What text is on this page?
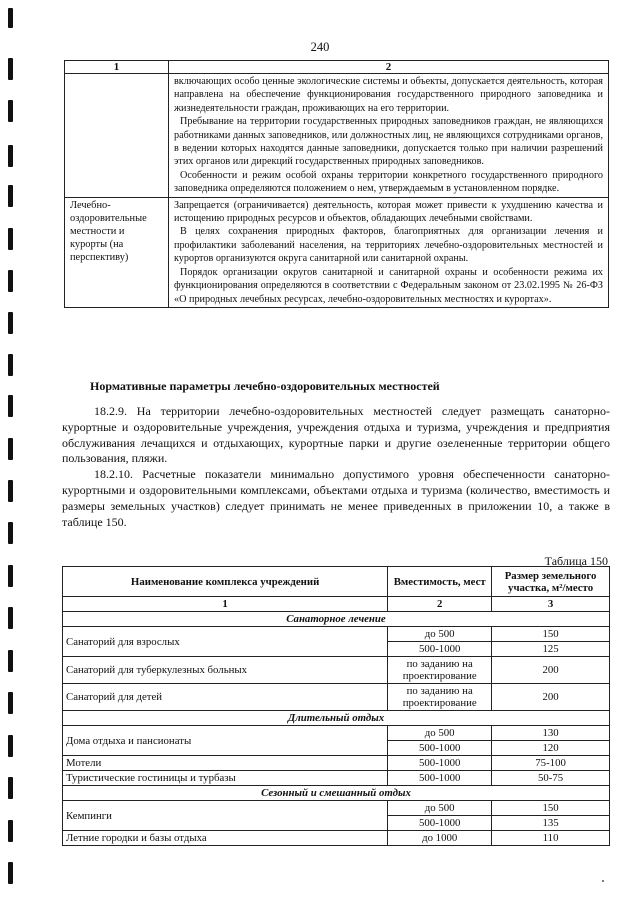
240
1	2

	включающих особо ценные экологические системы и объекты, допускается деятельность, которая направлена на обеспечение функционирования государственного природного заповедника и жизнедеятельности граждан, проживающих на его территории.

Пребывание на территории государственных природных заповедников граждан, не являющихся работниками данных заповедников, или должностных лиц, не являющихся сотрудниками органов, в ведении которых находятся данные заповедники, допускается только при наличии разрешений этих органов или дирекций государственных природных заповедников.

Особенности и режим особой охраны территории конкретного государственного природного заповедника определяются положением о нем, утверждаемым в установленном порядке.

Лечебно-оздоровительные местности и курорты (на перспективу)	Запрещается (ограничивается) деятельность, которая может привести к ухудшению качества и истощению природных ресурсов и объектов, обладающих лечебными свойствами.

В целях сохранения природных факторов, благоприятных для организации лечения и профилактики заболеваний населения, на территориях лечебно-оздоровительных местностей и курортов организуются округа санитарной или санитарной охраны.

Порядок организации округов санитарной и санитарной охраны и особенности режима их функционирования определяются в соответствии с Федеральным законом от 23.02.1995 № 26-ФЗ «О природных лечебных ресурсах, лечебно-оздоровительных местностях и курортах».

Нормативные параметры лечебно-оздоровительных местностей

18.2.9. На территории лечебно-оздоровительных местностей следует размещать санаторно-курортные и оздоровительные учреждения, учреждения отдыха и туризма, учреждения и предприятия обслуживания лечащихся и отдыхающих, курортные парки и другие озелененные территории общего пользования, пляжи.

18.2.10. Расчетные показатели минимально допустимого уровня обеспеченности санаторно-курортными и оздоровительными комплексами, объектами отдыха и туризма (количество, вместимость и размеры земельных участков) следует принимать не менее приведенных в приложении 10, а также в таблице 150.

Таблица 150
Наименование комплекса учреждений	Вместимость, мест	Размер земельного участка, м²/место
1	2	3
Санаторное лечение		
Санаторий для взрослых	до 500	150
	500-1000	125
Санаторий для туберкулезных больных	по заданию на проектирование	200
Санаторий для детей	по заданию на проектирование	200
Длительный отдых		
Дома отдыха и пансионаты	до 500	130
	500-1000	120
Мотели	500-1000	75-100
Туристические гостиницы и турбазы	500-1000	50-75
Сезонный и смешанный отдых		
Кемпинги	до 500	150
	500-1000	135
Летние городки и базы отдыха	до 1000	110
